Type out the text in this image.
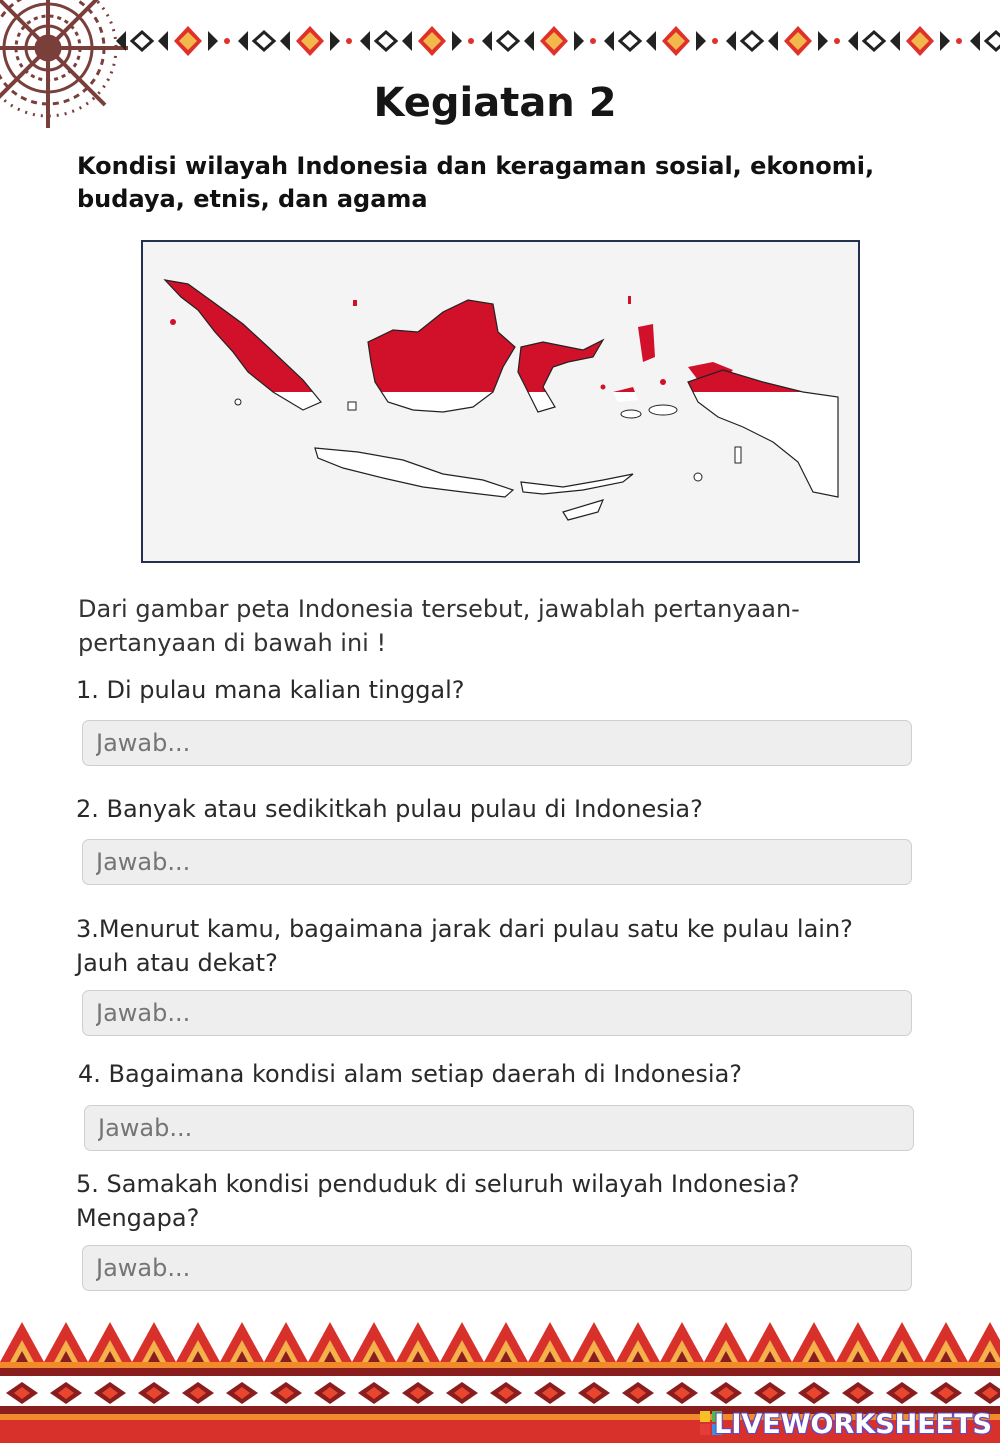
Kegiatan 2
Kondisi wilayah Indonesia dan keragaman sosial, ekonomi, budaya, etnis, dan agama
Dari gambar peta Indonesia tersebut, jawablah pertanyaan-pertanyaan di bawah ini !
1. Di pulau mana kalian tinggal?
Jawab...
2. Banyak atau sedikitkah pulau pulau di Indonesia?
Jawab...
3.Menurut kamu, bagaimana jarak dari pulau satu ke pulau lain? Jauh atau dekat?
Jawab...
4. Bagaimana kondisi alam setiap daerah di Indonesia?
Jawab...
5. Samakah kondisi penduduk di seluruh wilayah Indonesia? Mengapa?
Jawab...
LIVEWORKSHEETS
